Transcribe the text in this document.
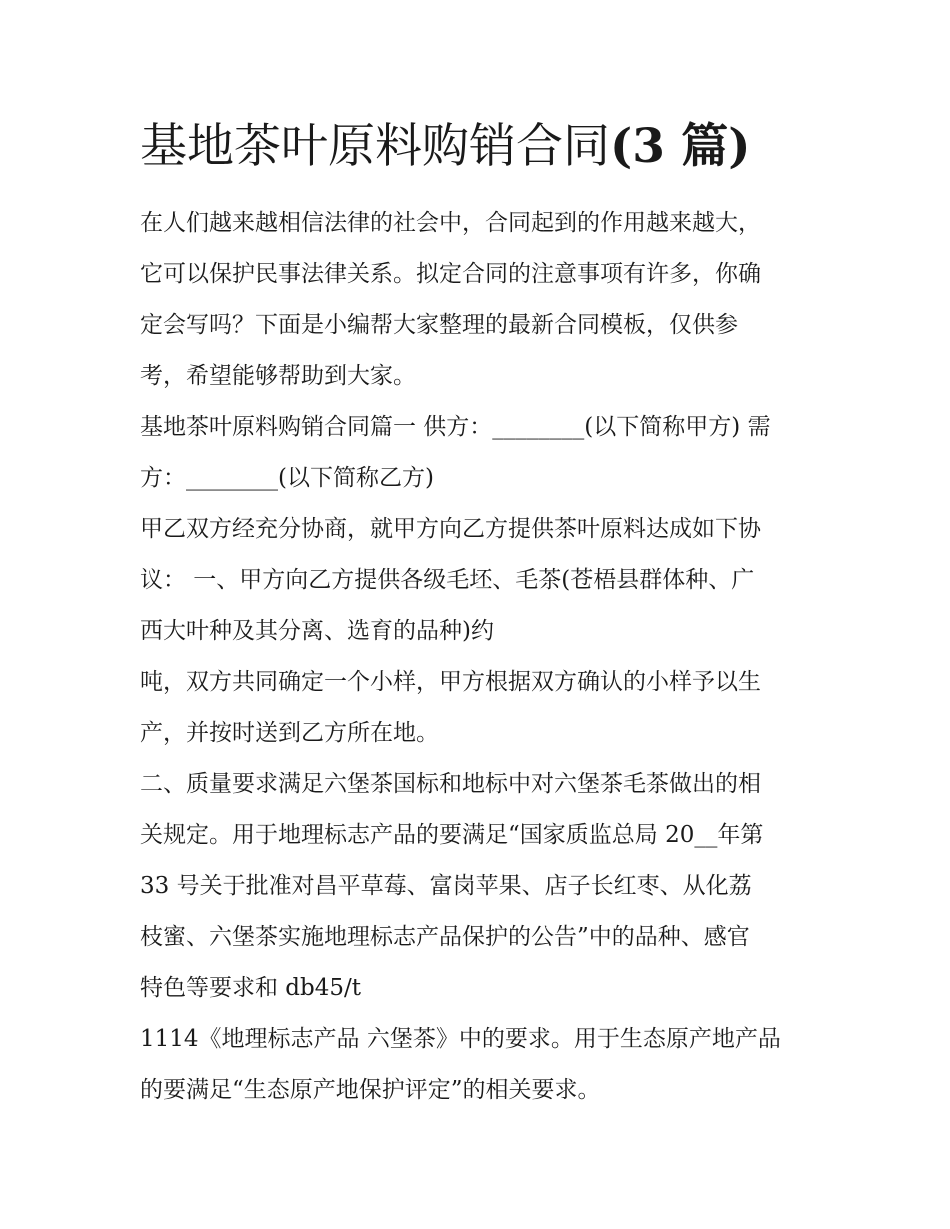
基地茶叶原料购销合同(3 篇)

在人们越来越相信法律的社会中，合同起到的作用越来越大，
它可以保护民事法律关系。拟定合同的注意事项有许多，你确
定会写吗？下面是小编帮大家整理的最新合同模板，仅供参
考，希望能够帮助到大家。

基地茶叶原料购销合同篇一 供方：________(以下简称甲方) 需
方：________(以下简称乙方)

甲乙双方经充分协商，就甲方向乙方提供茶叶原料达成如下协
议： 一、甲方向乙方提供各级毛坯、毛茶(苍梧县群体种、广
西大叶种及其分离、选育的品种)约

吨，双方共同确定一个小样，甲方根据双方确认的小样予以生
产，并按时送到乙方所在地。

二、质量要求满足六堡茶国标和地标中对六堡茶毛茶做出的相
关规定。用于地理标志产品的要满足“国家质监总局 20__年第
33 号关于批准对昌平草莓、富岗苹果、店子长红枣、从化荔
枝蜜、六堡茶实施地理标志产品保护的公告”中的品种、感官
特色等要求和 db45/t

1114《地理标志产品 六堡茶》中的要求。用于生态原产地产品
的要满足“生态原产地保护评定”的相关要求。
